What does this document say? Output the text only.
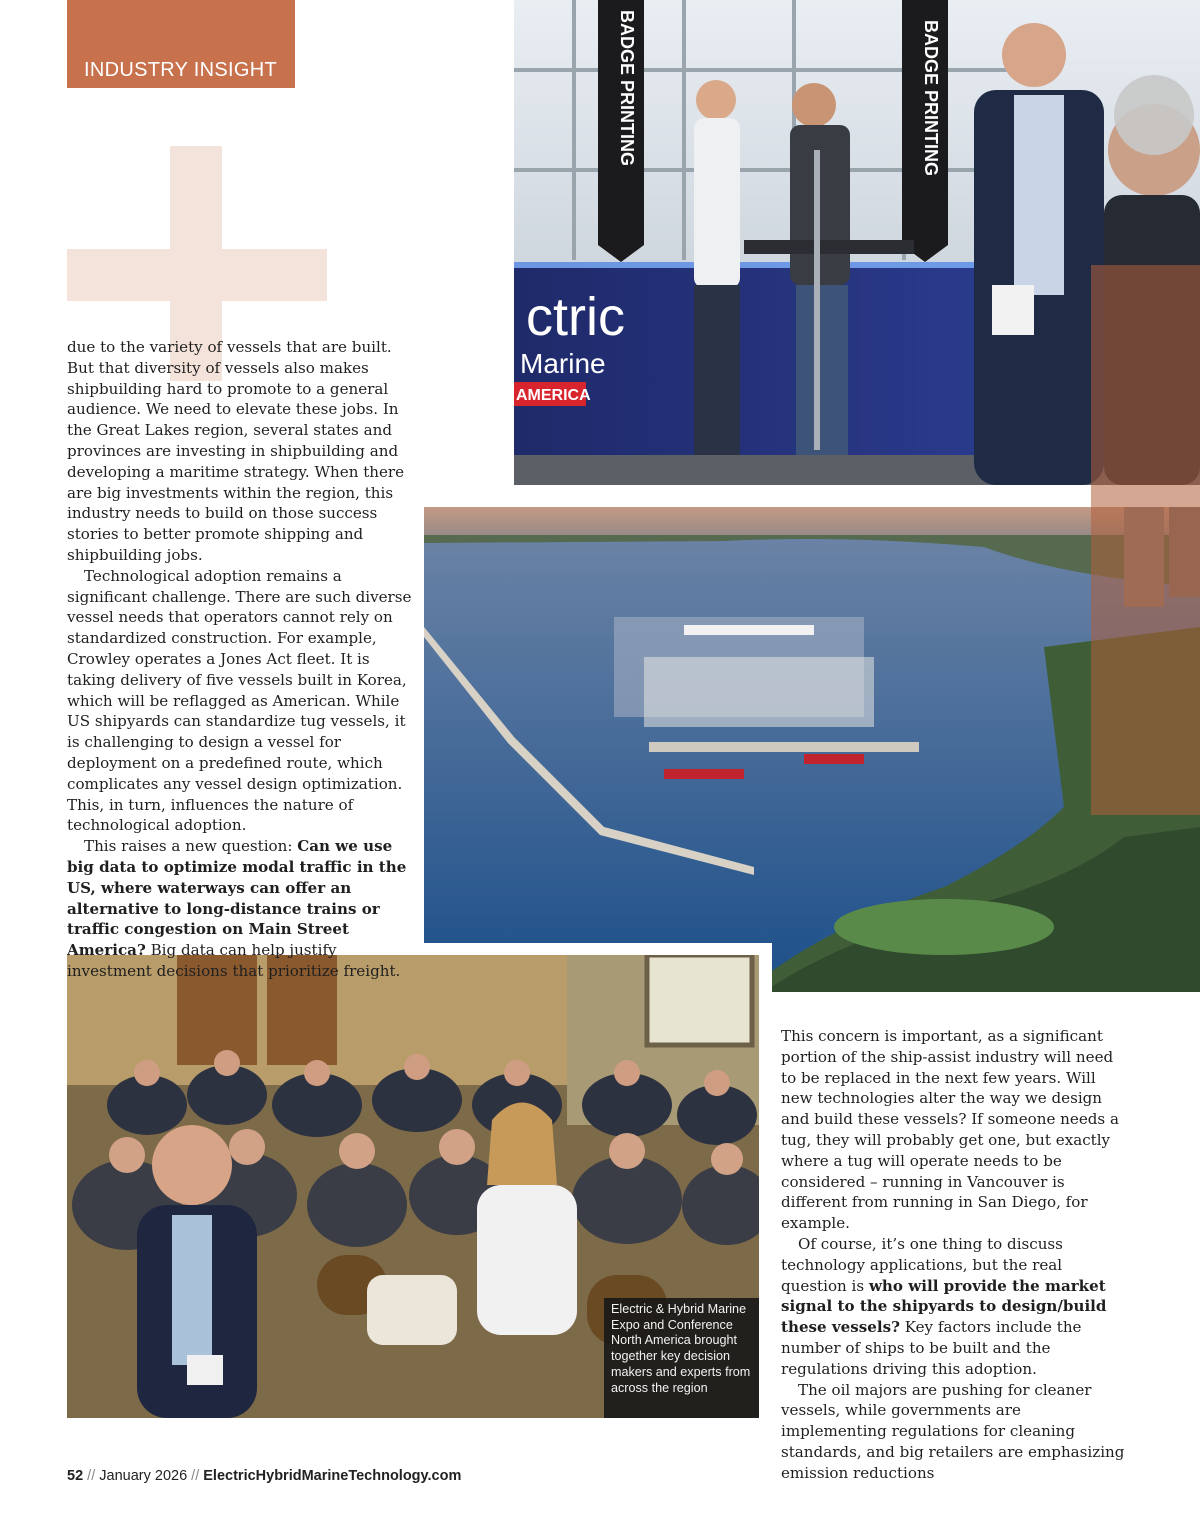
INDUSTRY INSIGHT	BADGE PRINTING	BADGE PRINTING
ctric
Marine
AMERICA
Electric & Hybrid Marine Expo and Conference North America brought together key decision makers and experts from across the region

due to the variety of vessels that are built. But that diversity of vessels also makes shipbuilding hard to promote to a general audience. We need to elevate these jobs. In the Great Lakes region, several states and provinces are investing in shipbuilding and developing a maritime strategy. When there are big investments within the region, this industry needs to build on those success stories to better promote shipping and shipbuilding jobs.

Technological adoption remains a significant challenge. There are such diverse vessel needs that operators cannot rely on standardized construction. For example, Crowley operates a Jones Act fleet. It is taking delivery of five vessels built in Korea, which will be reflagged as American. While US shipyards can standardize tug vessels, it is challenging to design a vessel for deployment on a predefined route, which complicates any vessel design optimization. This, in turn, influences the nature of technological adoption.

This raises a new question: Can we use big data to optimize modal traffic in the US, where waterways can offer an alternative to long-distance trains or traffic congestion on Main Street America? Big data can help justify investment decisions that prioritize freight.

This concern is important, as a significant portion of the ship-assist industry will need to be replaced in the next few years. Will new technologies alter the way we design and build these vessels? If someone needs a tug, they will probably get one, but exactly where a tug will operate needs to be considered – running in Vancouver is different from running in San Diego, for example.

Of course, it’s one thing to discuss technology applications, but the real question is who will provide the market signal to the shipyards to design/build these vessels? Key factors include the number of ships to be built and the regulations driving this adoption.

The oil majors are pushing for cleaner vessels, while governments are implementing regulations for cleaning standards, and big retailers are emphasizing emission reductions

52 // January 2026 // ElectricHybridMarineTechnology.com
